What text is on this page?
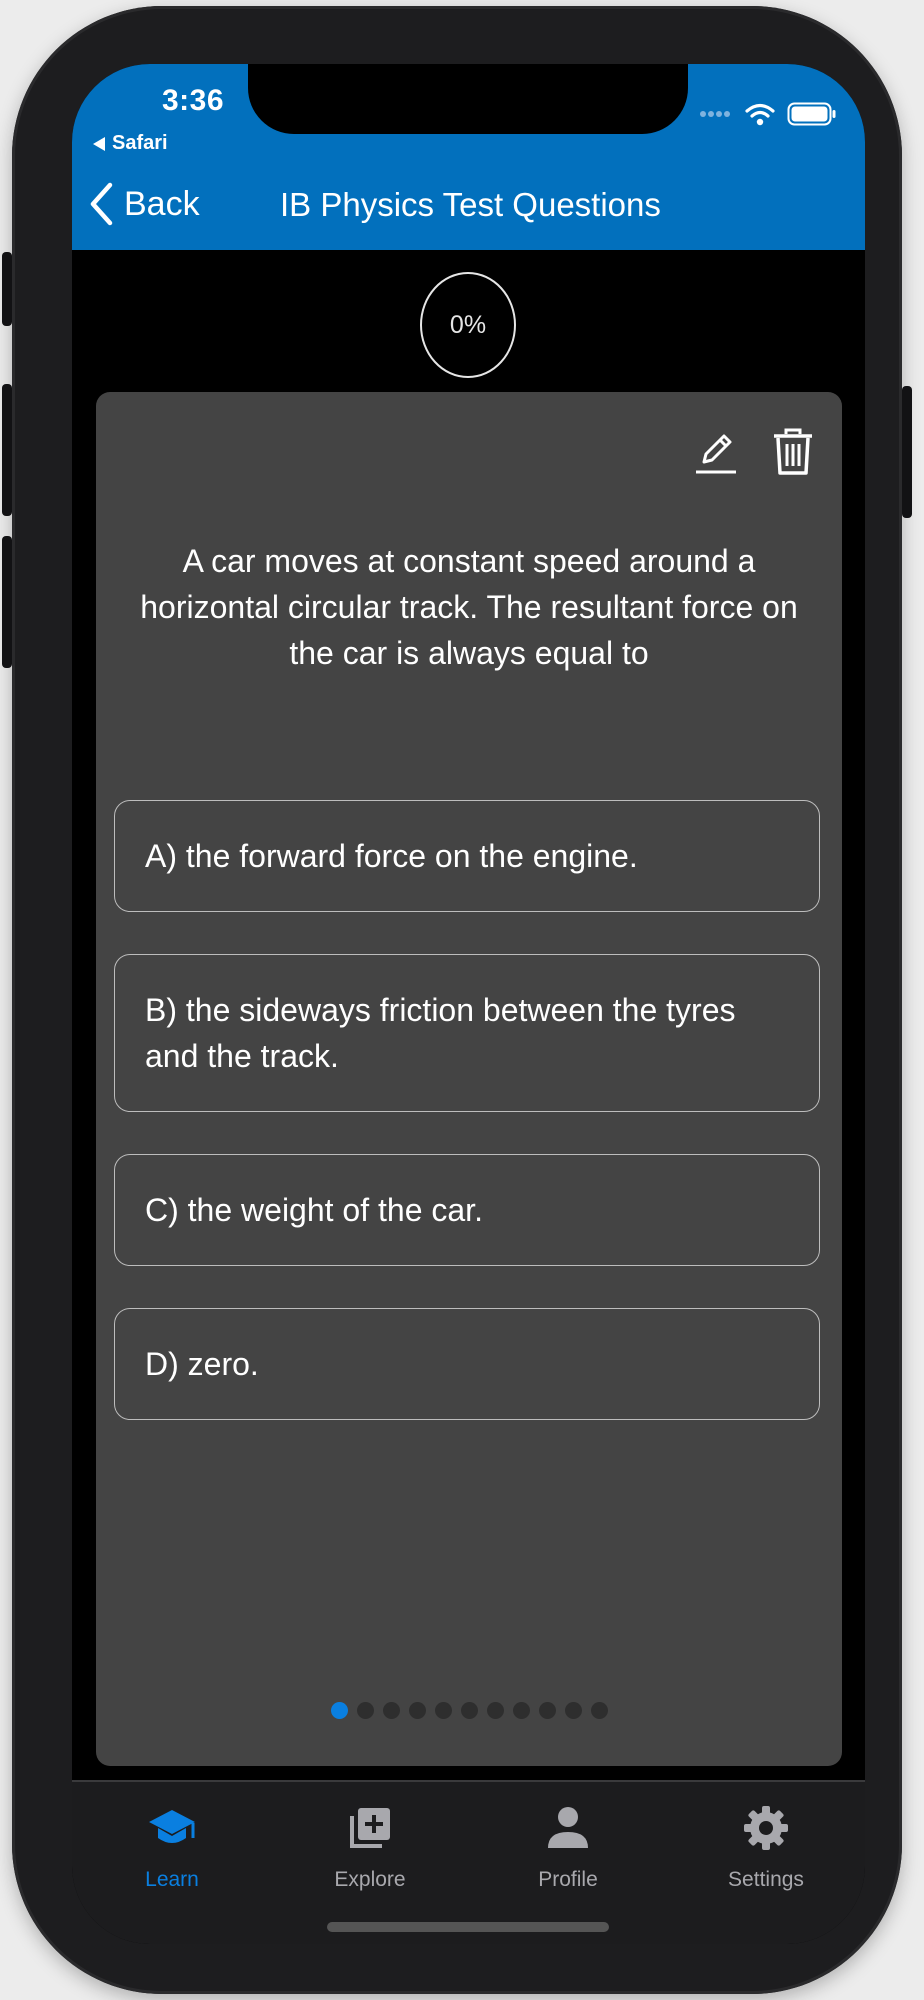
3:36
Safari
Back	IB Physics Test Questions
0%
A car moves at constant speed around a horizontal circular track. The resultant force on the car is always equal to
A) the forward force on the engine.
B) the sideways friction between the tyres and the track.
C) the weight of the car.
D) zero.
Learn	Explore	Profile	Settings
